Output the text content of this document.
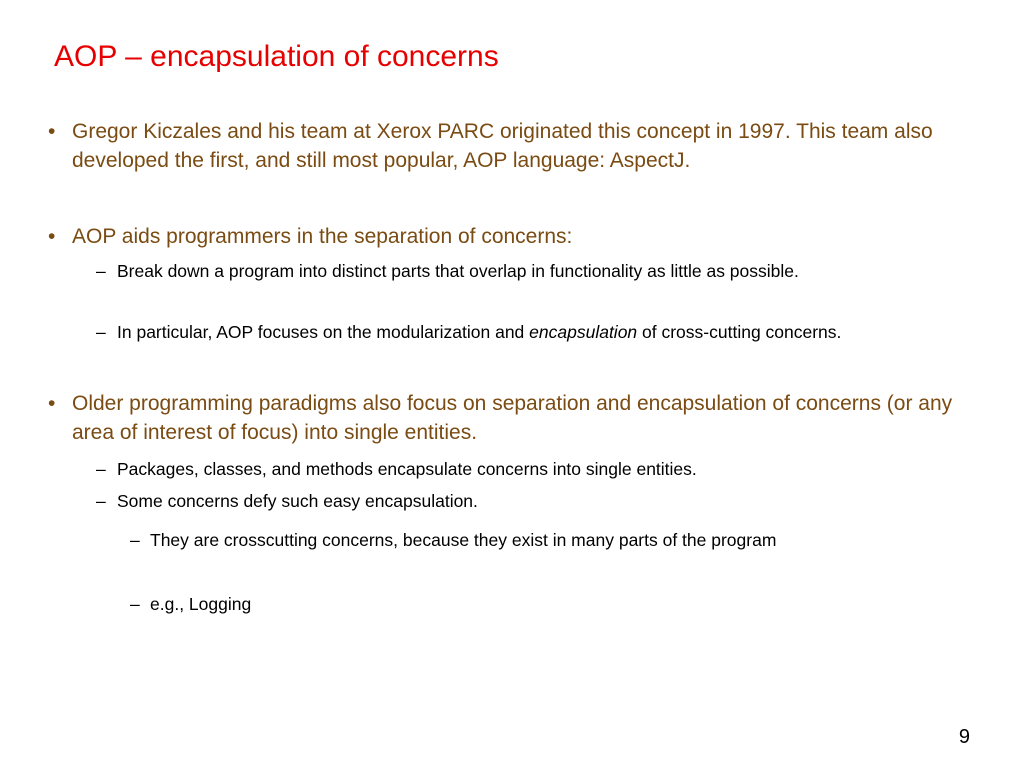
AOP – encapsulation of concerns
• Gregor Kiczales and his team at Xerox PARC originated this concept in 1997. This team also developed the first, and still most popular, AOP language: AspectJ.
• AOP aids programmers in the separation of concerns:
– Break down a program into distinct parts that overlap in functionality as little as possible.
– In particular, AOP focuses on the modularization and encapsulation of cross-cutting concerns.
• Older programming paradigms also focus on separation and encapsulation of concerns (or any area of interest of focus) into single entities.
– Packages, classes, and methods encapsulate concerns into single entities.
– Some concerns defy such easy encapsulation.
– They are crosscutting concerns, because they exist in many parts of the program
– e.g., Logging
9
